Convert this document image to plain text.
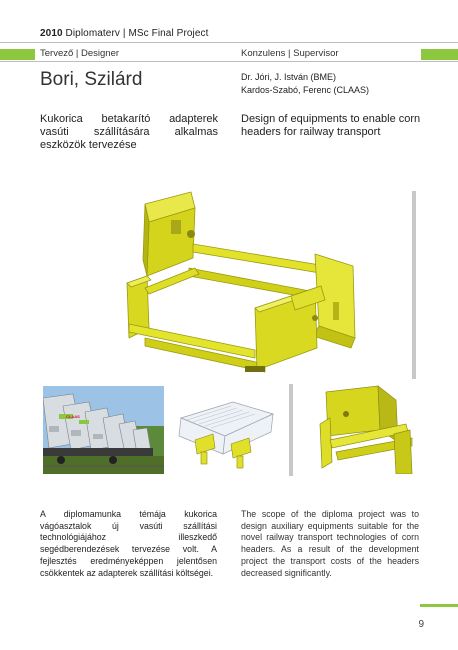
2010 Diplomaterv | MSc Final Project
Tervező | Designer	Konzulens | Supervisor
Bori, Szilárd	Dr. Jóri, J. István (BME)
Kardos-Szabó, Ferenc (CLAAS)
Kukorica betakarító adapterek vasúti szállítására alkalmas eszközök tervezése
Design of equipments to enable corn headers for railway transport
CLAAS
A diplomamunka témája kukorica vágóasztalok új vasúti szállítási technológiájához illeszkedő segédberendezések tervezése volt. A fejlesztés eredményeképpen jelentősen csökkentek az adapterek szállítási költségei.
The scope of the diploma project was to design auxiliary equipments suitable for the novel railway transport technologies of corn headers. As a result of the development project the transport costs of the headers decreased significantly.
9
